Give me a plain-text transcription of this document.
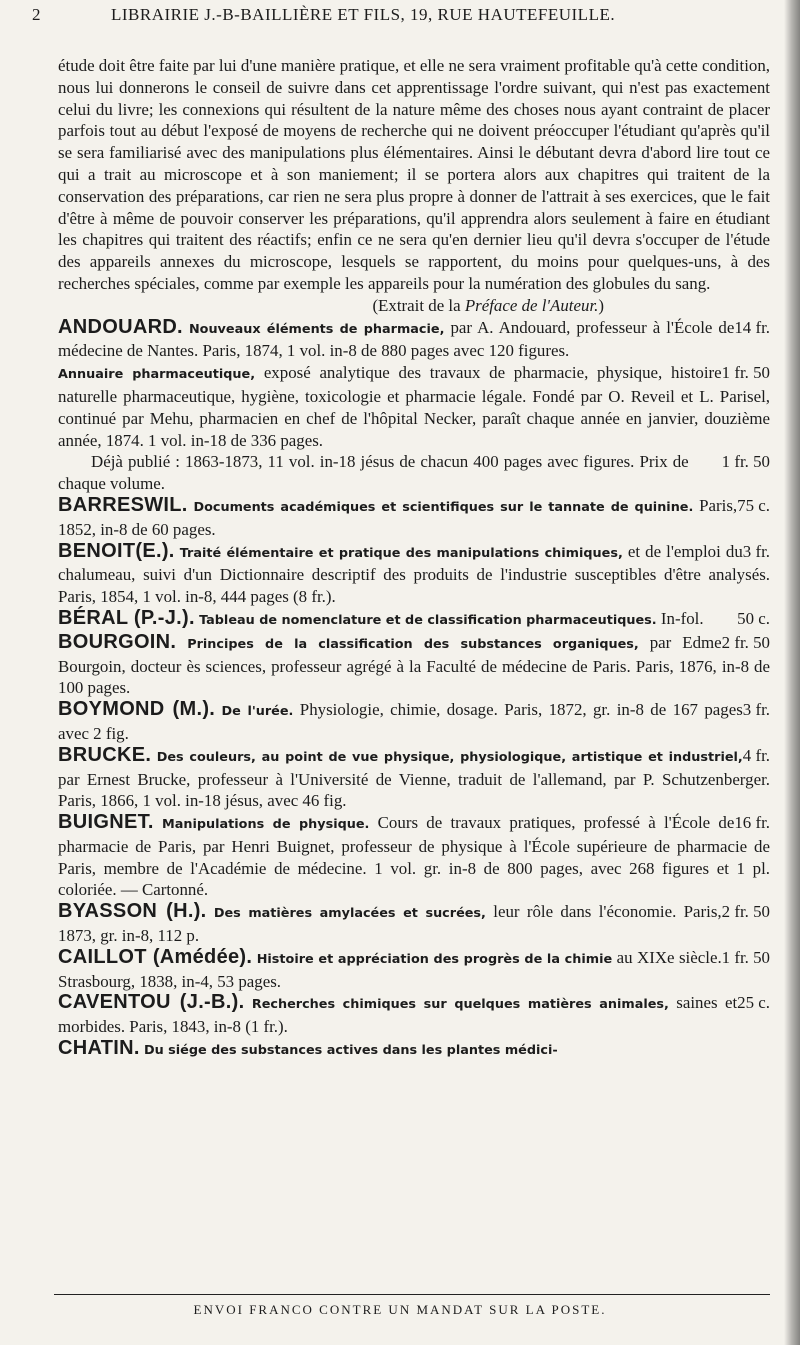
2	LIBRAIRIE J.-B-BAILLIÈRE ET FILS, 19, RUE HAUTEFEUILLE.

étude doit être faite par lui d'une manière pratique, et elle ne sera vraiment profitable qu'à cette condition, nous lui donnerons le conseil de suivre dans cet apprentissage l'ordre suivant, qui n'est pas exactement celui du livre; les connexions qui résultent de la nature même des choses nous ayant contraint de placer parfois tout au début l'exposé de moyens de recherche qui ne doivent préoccuper l'étudiant qu'après qu'il se sera familiarisé avec des manipulations plus élémentaires. Ainsi le débutant devra d'abord lire tout ce qui a trait au microscope et à son maniement; il se portera alors aux chapitres qui traitent de la conservation des préparations, car rien ne sera plus propre à donner de l'attrait à ses exercices, que le fait d'être à même de pouvoir conserver les préparations, qu'il apprendra alors seulement à faire en étudiant les chapitres qui traitent des réactifs; enfin ce ne sera qu'en dernier lieu qu'il devra s'occuper de l'étude des appareils annexes du microscope, lesquels se rapportent, du moins pour quelques-uns, à des recherches spéciales, comme par exemple les appareils pour la numération des globules du sang.

(Extrait de la Préface de l'Auteur.)

ANDOUARD. Nouveaux éléments de pharmacie,	14 fr.
par A. Andouard, professeur à l'École de médecine de Nantes. Paris, 1874, 1 vol. in-8 de 880 pages avec 120 figures.

Annuaire pharmaceutique,	1 fr. 50
exposé analytique des travaux de pharmacie, physique, histoire naturelle pharmaceutique, hygiène, toxicologie et pharmacie légale. Fondé par O. Reveil et L. Parisel, continué par Mehu, pharmacien en chef de l'hôpital Necker, paraît chaque année en janvier, douzième année, 1874. 1 vol. in-18 de 336 pages.

1 fr. 50
Déjà publié : 1863-1873, 11 vol. in-18 jésus de chacun 400 pages avec figures. Prix de chaque volume.

BARRESWIL. Documents académiques et scientifiques sur le tannate de quinine.	75 c.
Paris, 1852, in-8 de 60 pages.

BENOIT(E.). Traité élémentaire et pratique des manipulations chimiques,	3 fr.
et de l'emploi du chalumeau, suivi d'un Dictionnaire descriptif des produits de l'industrie susceptibles d'être analysés. Paris, 1854, 1 vol. in-8, 444 pages (8 fr.).

BÉRAL (P.-J.). Tableau de nomenclature et de classification pharmaceutiques.	50 c.
In-fol.

BOURGOIN. Principes de la classification des substances organiques,	2 fr. 50
par Edme Bourgoin, docteur ès sciences, professeur agrégé à la Faculté de médecine de Paris. Paris, 1876, in-8 de 100 pages.

BOYMOND (M.). De l'urée.	3 fr.
Physiologie, chimie, dosage. Paris, 1872, gr. in-8 de 167 pages avec 2 fig.

BRUCKE. Des couleurs, au point de vue physique, physiologique, artistique et industriel, 4 fr.
par Ernest Brucke, professeur à l'Université de Vienne, traduit de l'allemand, par P. Schutzenberger. Paris, 1866, 1 vol. in-18 jésus, avec 46 fig.

BUIGNET. Manipulations de physique.	16 fr.
Cours de travaux pratiques, professé à l'École de pharmacie de Paris, par Henri Buignet, professeur de physique à l'École supérieure de pharmacie de Paris, membre de l'Académie de médecine. 1 vol. gr. in-8 de 800 pages, avec 268 figures et 1 pl. coloriée. — Cartonné.

BYASSON (H.). Des matières amylacées et sucrées,	2 fr. 50
leur rôle dans l'économie. Paris, 1873, gr. in-8, 112 p.

CAILLOT (Amédée). Histoire et appréciation des progrès de la chimie	1 fr. 50
au XIXe siècle. Strasbourg, 1838, in-4, 53 pages.

CAVENTOU (J.-B.). Recherches chimiques sur quelques matières animales,	25 c.
saines et morbides. Paris, 1843, in-8 (1 fr.).

CHATIN. Du siége des substances actives dans les plantes médici-

ENVOI FRANCO CONTRE UN MANDAT SUR LA POSTE.
